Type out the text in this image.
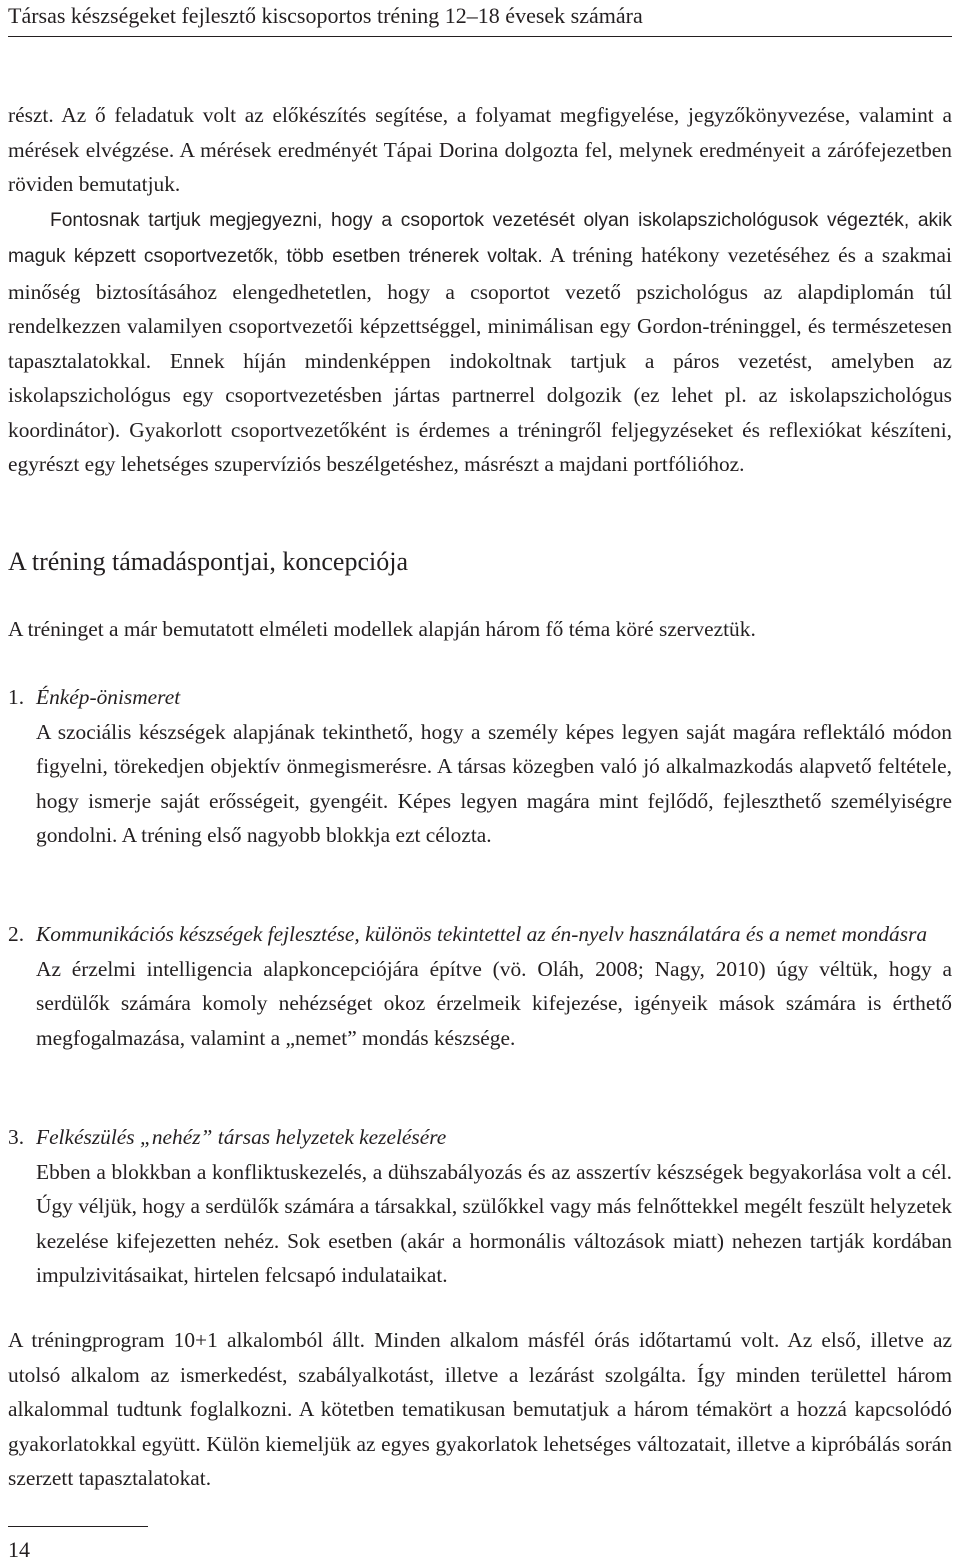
Társas készségeket fejlesztő kiscsoportos tréning 12–18 évesek számára
részt. Az ő feladatuk volt az előkészítés segítése, a folyamat megfigyelése, jegyzőkönyvezése, valamint a mérések elvégzése. A mérések eredményét Tápai Dorina dolgozta fel, melynek eredményeit a zárófejezetben röviden bemutatjuk.
Fontosnak tartjuk megjegyezni, hogy a csoportok vezetését olyan iskolapszichológusok végezték, akik maguk képzett csoportvezetők, több esetben trénerek voltak. A tréning hatékony vezetéséhez és a szakmai minőség biztosításához elengedhetetlen, hogy a csoportot vezető pszichológus az alapdiplomán túl rendelkezzen valamilyen csoportvezetői képzettséggel, minimálisan egy Gordon-tréninggel, és természetesen tapasztalatokkal. Ennek híján mindenképpen indokoltnak tartjuk a páros vezetést, amelyben az iskolapszichológus egy csoportvezetésben jártas partnerrel dolgozik (ez lehet pl. az iskolapszichológus koordinátor). Gyakorlott csoportvezetőként is érdemes a tréningről feljegyzéseket és reflexiókat készíteni, egyrészt egy lehetséges szupervíziós beszélgetéshez, másrészt a majdani portfólióhoz.
A tréning támadáspontjai, koncepciója

A tréninget a már bemutatott elméleti modellek alapján három fő téma köré szerveztük.

1. Énkép-önismeret
A szociális készségek alapjának tekinthető, hogy a személy képes legyen saját magára reflektáló módon figyelni, törekedjen objektív önmegismerésre. A társas közegben való jó alkalmazkodás alapvető feltétele, hogy ismerje saját erősségeit, gyengéit. Képes legyen magára mint fejlődő, fejleszthető személyiségre gondolni. A tréning első nagyobb blokkja ezt célozta.
2. Kommunikációs készségek fejlesztése, különös tekintettel az én-nyelv használatára és a nemet mondásra
Az érzelmi intelligencia alapkoncepciójára építve (vö. Oláh, 2008; Nagy, 2010) úgy véltük, hogy a serdülők számára komoly nehézséget okoz érzelmeik kifejezése, igényeik mások számára is érthető megfogalmazása, valamint a „nemet” mondás készsége.
3. Felkészülés „nehéz” társas helyzetek kezelésére
Ebben a blokkban a konfliktuskezelés, a dühszabályozás és az asszertív készségek begyakorlása volt a cél. Úgy véljük, hogy a serdülők számára a társakkal, szülőkkel vagy más felnőttekkel megélt feszült helyzetek kezelése kifejezetten nehéz. Sok esetben (akár a hormonális változások miatt) nehezen tartják kordában impulzivitásaikat, hirtelen felcsapó indulataikat.

A tréningprogram 10+1 alkalomból állt. Minden alkalom másfél órás időtartamú volt. Az első, illetve az utolsó alkalom az ismerkedést, szabályalkotást, illetve a lezárást szolgálta. Így minden területtel három alkalommal tudtunk foglalkozni. A kötetben tematikusan bemutatjuk a három témakört a hozzá kapcsolódó gyakorlatokkal együtt. Külön kiemeljük az egyes gyakorlatok lehetséges változatait, illetve a kipróbálás során szerzett tapasztalatokat.

14
